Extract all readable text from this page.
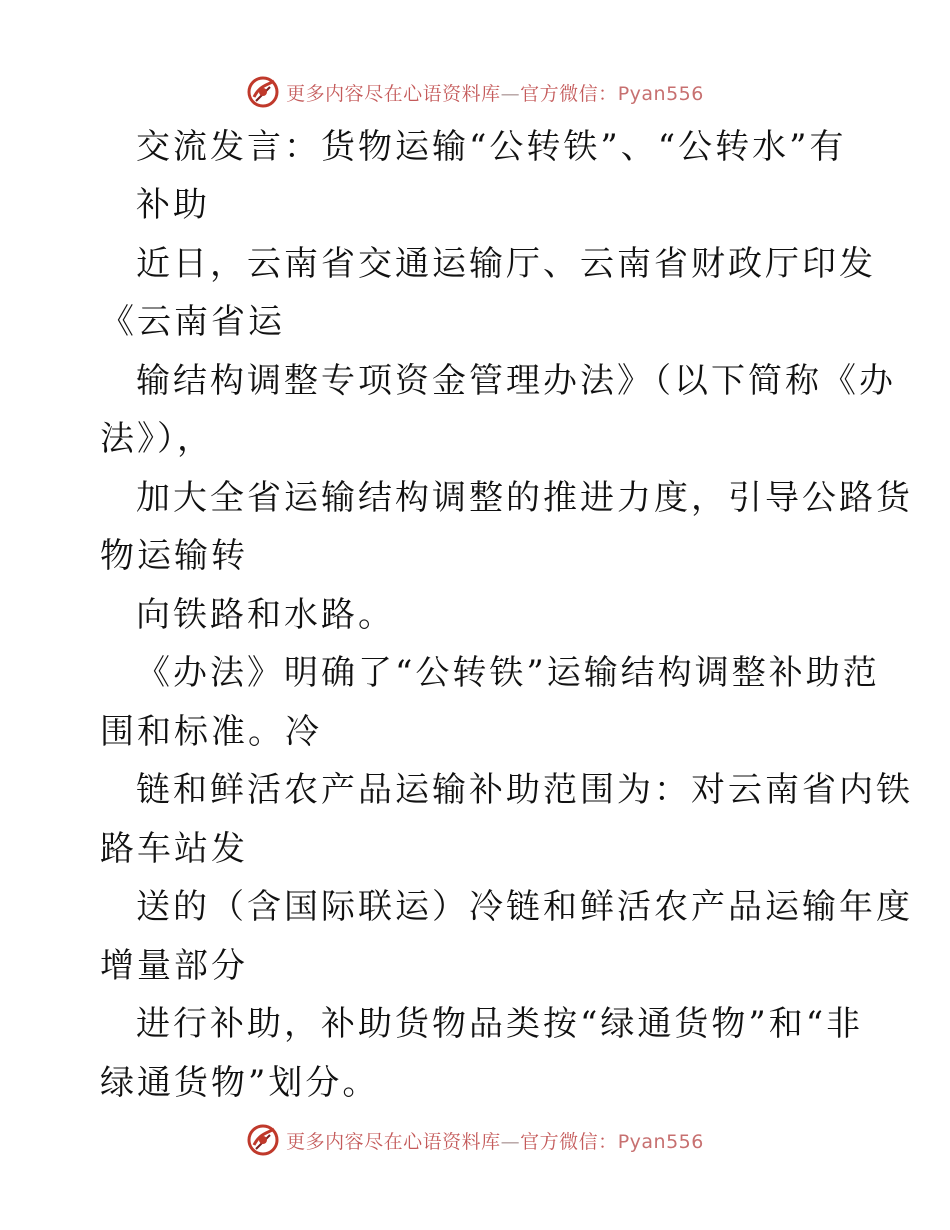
更多内容尽在心语资料库—官方微信：Pyan556
交流发言：货物运输“公转铁”、“公转水”有
补助
近日，云南省交通运输厅、云南省财政厅印发
《云南省运
输结构调整专项资金管理办法》（以下简称《办
法》），
加大全省运输结构调整的推进力度，引导公路货
物运输转
向铁路和水路。
《办法》明确了“公转铁”运输结构调整补助范
围和标准。冷
链和鲜活农产品运输补助范围为：对云南省内铁
路车站发
送的（含国际联运）冷链和鲜活农产品运输年度
增量部分
进行补助，补助货物品类按“绿通货物”和“非
绿通货物”划分。
更多内容尽在心语资料库—官方微信：Pyan556
